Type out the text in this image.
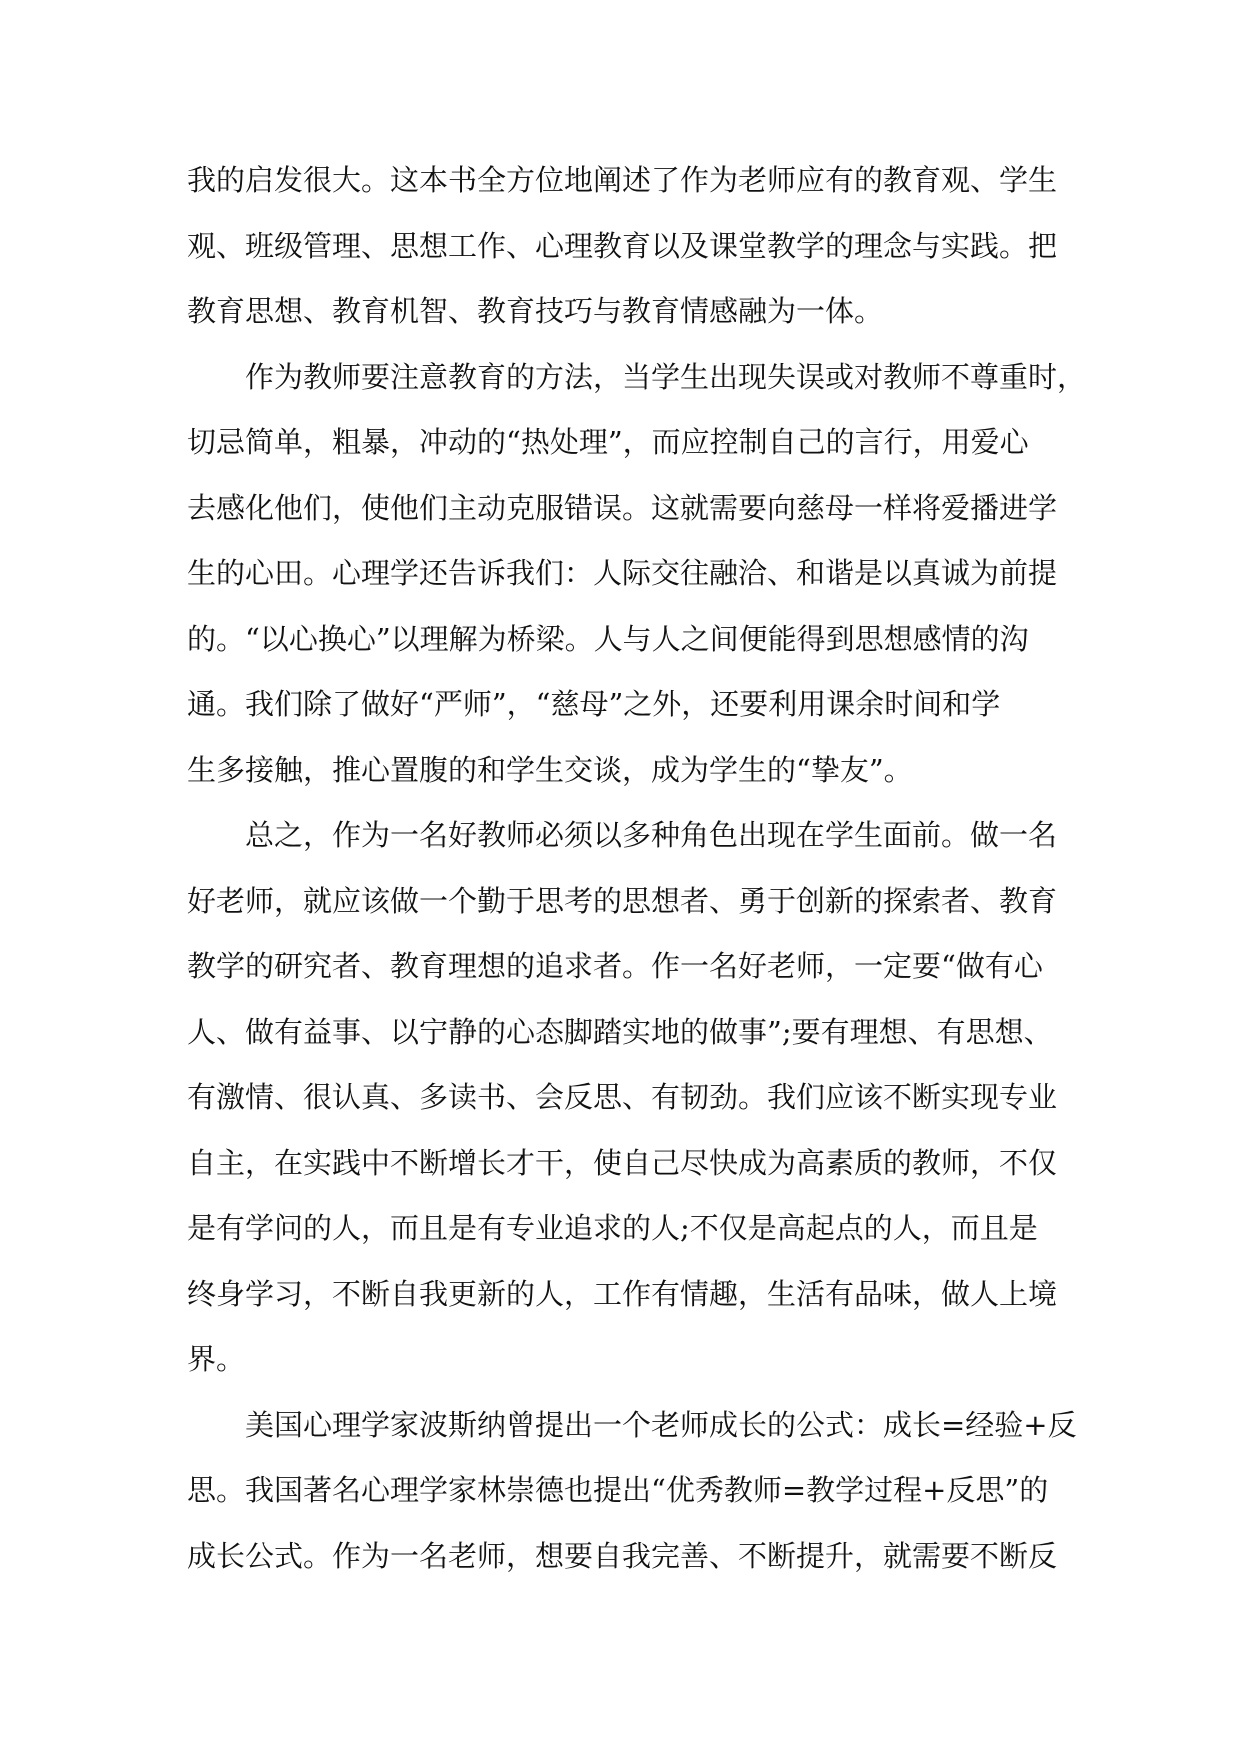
我的启发很大。这本书全方位地阐述了作为老师应有的教育观、学生
观、班级管理、思想工作、心理教育以及课堂教学的理念与实践。把
教育思想、教育机智、教育技巧与教育情感融为一体。
　　作为教师要注意教育的方法，当学生出现失误或对教师不尊重时，
切忌简单，粗暴，冲动的“热处理”，而应控制自己的言行，用爱心
去感化他们，使他们主动克服错误。这就需要向慈母一样将爱播进学
生的心田。心理学还告诉我们：人际交往融洽、和谐是以真诚为前提
的。“以心换心”以理解为桥梁。人与人之间便能得到思想感情的沟
通。我们除了做好“严师”，“慈母”之外，还要利用课余时间和学
生多接触，推心置腹的和学生交谈，成为学生的“挚友”。
　　总之，作为一名好教师必须以多种角色出现在学生面前。做一名
好老师，就应该做一个勤于思考的思想者、勇于创新的探索者、教育
教学的研究者、教育理想的追求者。作一名好老师，一定要“做有心
人、做有益事、以宁静的心态脚踏实地的做事”;要有理想、有思想、
有激情、很认真、多读书、会反思、有韧劲。我们应该不断实现专业
自主，在实践中不断增长才干，使自己尽快成为高素质的教师，不仅
是有学问的人，而且是有专业追求的人;不仅是高起点的人，而且是
终身学习，不断自我更新的人，工作有情趣，生活有品味，做人上境
界。
　　美国心理学家波斯纳曾提出一个老师成长的公式：成长=经验+反
思。我国著名心理学家林崇德也提出“优秀教师=教学过程+反思”的
成长公式。作为一名老师，想要自我完善、不断提升，就需要不断反
